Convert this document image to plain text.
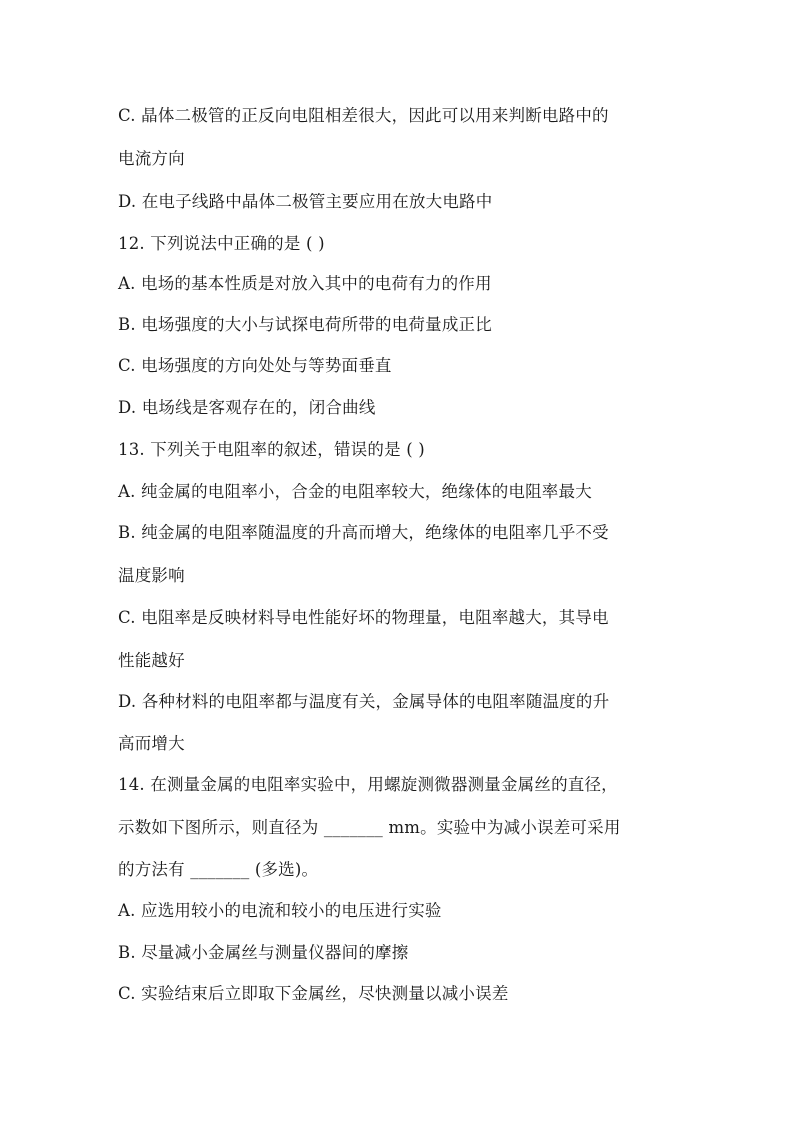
C. 晶体二极管的正反向电阻相差很大，因此可以用来判断电路中的
电流方向
D. 在电子线路中晶体二极管主要应用在放大电路中
12. 下列说法中正确的是 ( )
A. 电场的基本性质是对放入其中的电荷有力的作用
B. 电场强度的大小与试探电荷所带的电荷量成正比
C. 电场强度的方向处处与等势面垂直
D. 电场线是客观存在的，闭合曲线
13. 下列关于电阻率的叙述，错误的是 ( )
A. 纯金属的电阻率小，合金的电阻率较大，绝缘体的电阻率最大
B. 纯金属的电阻率随温度的升高而增大，绝缘体的电阻率几乎不受
温度影响
C. 电阻率是反映材料导电性能好坏的物理量，电阻率越大，其导电
性能越好
D. 各种材料的电阻率都与温度有关，金属导体的电阻率随温度的升
高而增大
14. 在测量金属的电阻率实验中，用螺旋测微器测量金属丝的直径，
示数如下图所示，则直径为 _______ mm。实验中为减小误差可采用
的方法有 _______ (多选)。
A. 应选用较小的电流和较小的电压进行实验
B. 尽量减小金属丝与测量仪器间的摩擦
C. 实验结束后立即取下金属丝，尽快测量以减小误差
